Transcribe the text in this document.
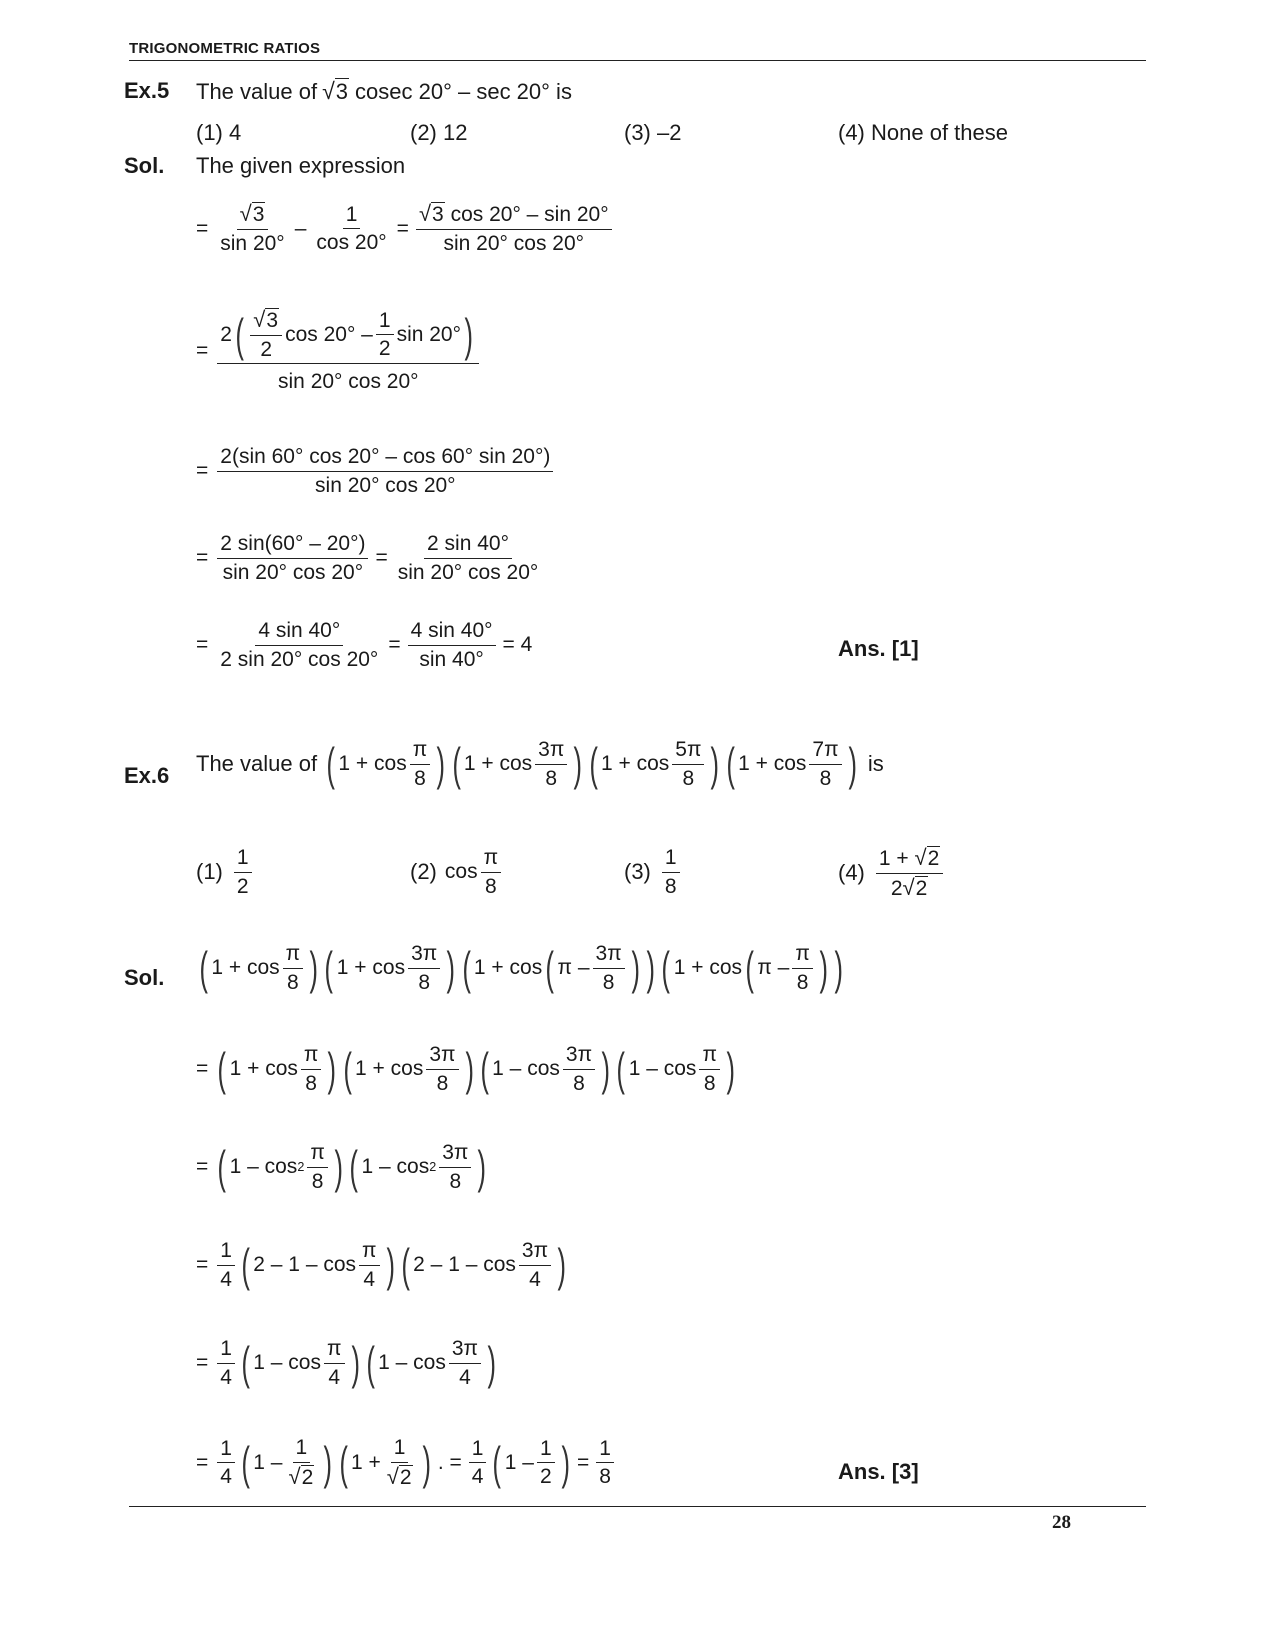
TRIGONOMETRIC RATIOS
Ex.5 The value of √ 3 cosec 20° – sec 20° is
(1) 4	(2) 12	(3) –2	(4) None of these
Sol. The given expression
= $\frac{√ 3}{\sin 20^\circ} - \frac{1}{\cos 20^\circ} = \frac{√ 3 \cos 20^\circ - \sin 20^\circ}{\sin 20^\circ \cos 20^\circ}$
= 2 ( √ 3
2
cos 20° –
1
2
sin 20° )
sin 20° cos 20°
= $\frac{2(\sin 60^\circ \cos 20^\circ - \cos 60^\circ \sin 20^\circ)}{\sin 20^\circ \cos 20^\circ}$
= $\frac{2 \sin(60^\circ - 20^\circ)}{\sin 20^\circ \cos 20^\circ} = \frac{2 \sin 40^\circ}{\sin 20^\circ \cos 20^\circ}$
= $\frac{4 \sin 40^\circ}{2 \sin 20^\circ \cos 20^\circ} = \frac{4 \sin 40^\circ}{\sin 40^\circ} = 4$	Ans. [1]
Ex.6 The value of ( 1 + cos
π
8 ) ( 1 + cos
3π
8 ) ( 1 + cos
5π
8 ) ( 1 + cos
7π
8 ) is
(1)
1
2
(2) cos
π
8
(3)
1
8
(4)
1 + √ 2
2 √ 2
Sol. ( 1 + cos
π
8 ) ( 1 + cos
3π
8 ) ( 1 + cos ( π –
3π
8 ) ) ( 1 + cos ( π –
π
8 ) )
= ( 1 + cos
π
8 ) ( 1 + cos
3π
8 ) ( 1 – cos
3π
8 ) ( 1 – cos
π
8 )
= ( 1 – cos 2
π
8 ) ( 1 – cos 2
3π
8 )
= $\frac{1}{4}$ ( 2 – 1 – cos
π
4 ) ( 2 – 1 – cos
3π
4 )
= $\frac{1}{4}$ ( 1 – cos
π
4 ) ( 1 – cos
3π
4 )
= $\frac{1}{4}$ ( 1 –
1
√ 2 ) ( 1 +
1
√ 2 ) . = $\frac{1}{4}$ ( 1 –
1
2 ) = $\frac{1}{8}$	Ans. [3]
28
